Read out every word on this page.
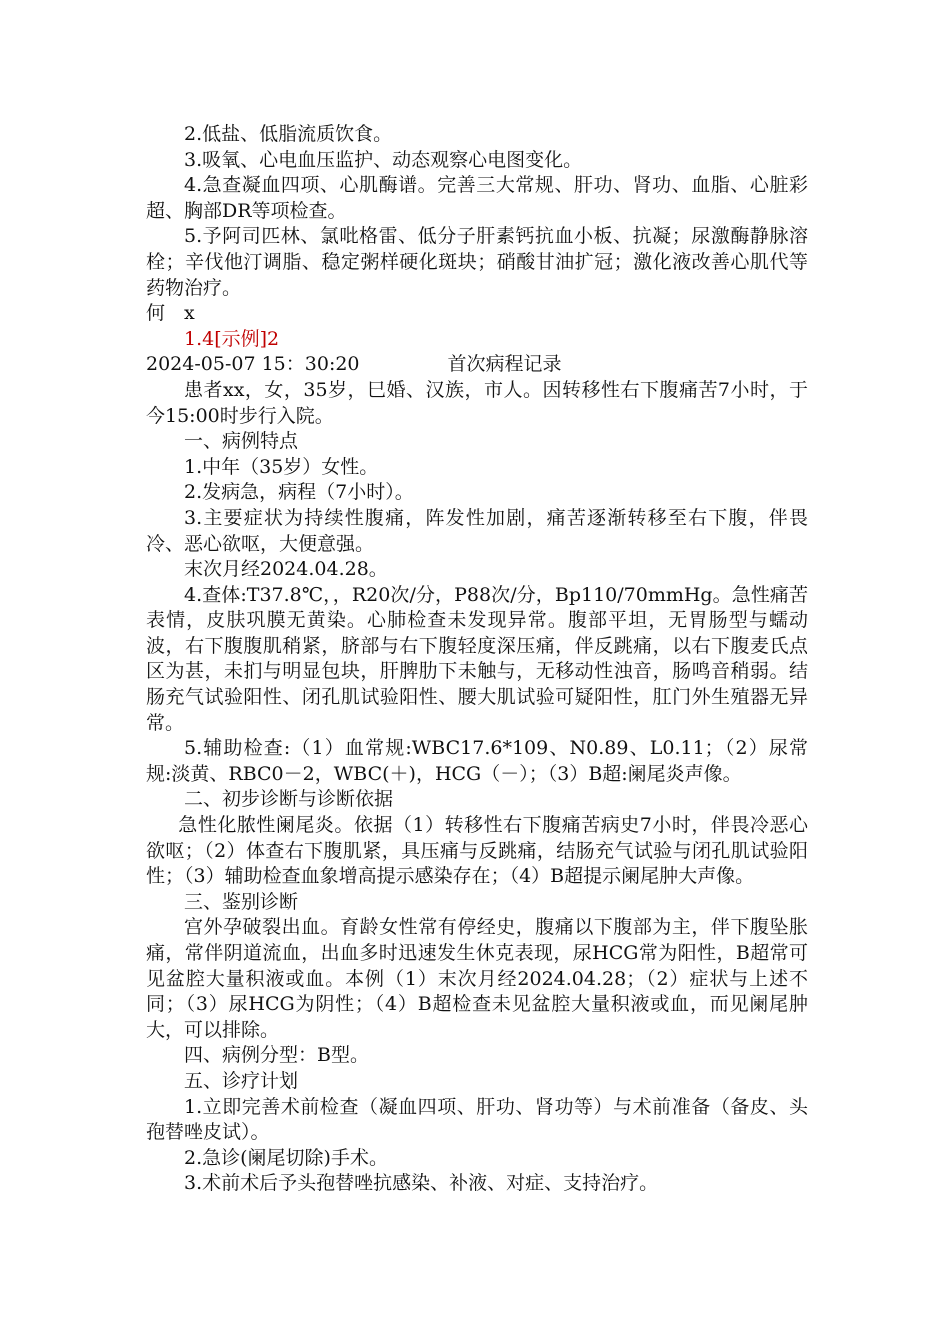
2.低盐、低脂流质饮食。

3.吸氧、心电血压监护、动态观察心电图变化。

4.急查凝血四项、心肌酶谱。完善三大常规、肝功、肾功、血脂、心脏彩超、胸部DR等项检查。

5.予阿司匹林、氯吡格雷、低分子肝素钙抗血小板、抗凝；尿激酶静脉溶栓；辛伐他汀调脂、稳定粥样硬化斑块；硝酸甘油扩冠；激化液改善心肌代等药物治疗。

何　x

1.4[示例]2

2024-05-07 15：30:20	首次病程记录

患者xx，女，35岁，巳婚、汉族，市人。因转移性右下腹痛苦7小时，于今15:00时步行入院。

一、病例特点

1.中年（35岁）女性。

2.发病急，病程（7小时）。

3.主要症状为持续性腹痛，阵发性加剧，痛苦逐渐转移至右下腹，伴畏冷、恶心欲呕，大便意强。

末次月经2024.04.28。

4.查体:T37.8℃，，R20次/分，P88次/分，Bp110/70mmHg。急性痛苦表情，皮肤巩膜无黄染。心肺检查未发现异常。腹部平坦，无胃肠型与蠕动波，右下腹腹肌稍紧，脐部与右下腹轻度深压痛，伴反跳痛，以右下腹麦氏点区为甚，未扪与明显包块，肝脾肋下未触与，无移动性浊音，肠鸣音稍弱。结肠充气试验阳性、闭孔肌试验阳性、腰大肌试验可疑阳性，肛门外生殖器无异常。

5.辅助检查:（1）血常规:WBC17.6*109、N0.89、L0.11；（2）尿常规:淡黄、RBC0－2，WBC(＋)，HCG（－）；（3）B超:阑尾炎声像。

二、初步诊断与诊断依据

急性化脓性阑尾炎。依据（1）转移性右下腹痛苦病史7小时，伴畏冷恶心欲呕；（2）体查右下腹肌紧，具压痛与反跳痛，结肠充气试验与闭孔肌试验阳性；（3）辅助检查血象增高提示感染存在；（4）B超提示阑尾肿大声像。

三、鉴别诊断

宫外孕破裂出血。育龄女性常有停经史，腹痛以下腹部为主，伴下腹坠胀痛，常伴阴道流血，出血多时迅速发生休克表现，尿HCG常为阳性，B超常可见盆腔大量积液或血。本例（1）末次月经2024.04.28；（2）症状与上述不同；（3）尿HCG为阴性；（4）B超检查未见盆腔大量积液或血，而见阑尾肿大，可以排除。

四、病例分型：B型。

五、诊疗计划

1.立即完善术前检查（凝血四项、肝功、肾功等）与术前准备（备皮、头孢替唑皮试）。

2.急诊(阑尾切除)手术。

3.术前术后予头孢替唑抗感染、补液、对症、支持治疗。
